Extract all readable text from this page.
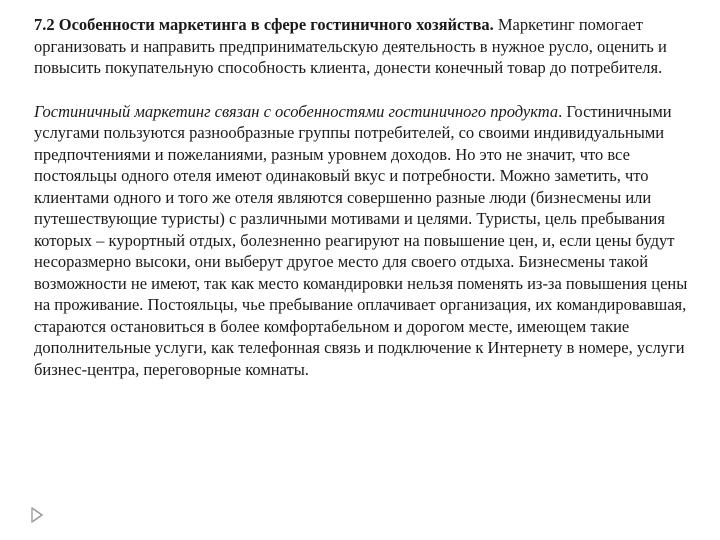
7.2 Особенности маркетинга в сфере гостиничного хозяйства. Маркетинг помогает организовать и направить предпринимательскую деятельность в нужное русло, оценить и повысить покупательную способность клиента, донести конечный товар до потребителя.

Гостиничный маркетинг связан с особенностями гостиничного продукта. Гостиничными услугами пользуются разнообразные группы потребителей, со своими индивидуальными предпочтениями и пожеланиями, разным уровнем доходов. Но это не значит, что все постояльцы одного отеля имеют одинаковый вкус и потребности. Можно заметить, что клиентами одного и того же отеля являются совершенно разные люди (бизнесмены или путешествующие туристы) с различными мотивами и целями. Туристы, цель пребывания которых – курортный отдых, болезненно реагируют на повышение цен, и, если цены будут несоразмерно высоки, они выберут другое место для своего отдыха. Бизнесмены такой возможности не имеют, так как место командировки нельзя поменять из-за повышения цены на проживание. Постояльцы, чье пребывание оплачивает организация, их командировавшая, стараются остановиться в более комфортабельном и дорогом месте, имеющем такие дополнительные услуги, как телефонная связь и подключение к Интернету в номере, услуги бизнес-центра, переговорные комнаты.
